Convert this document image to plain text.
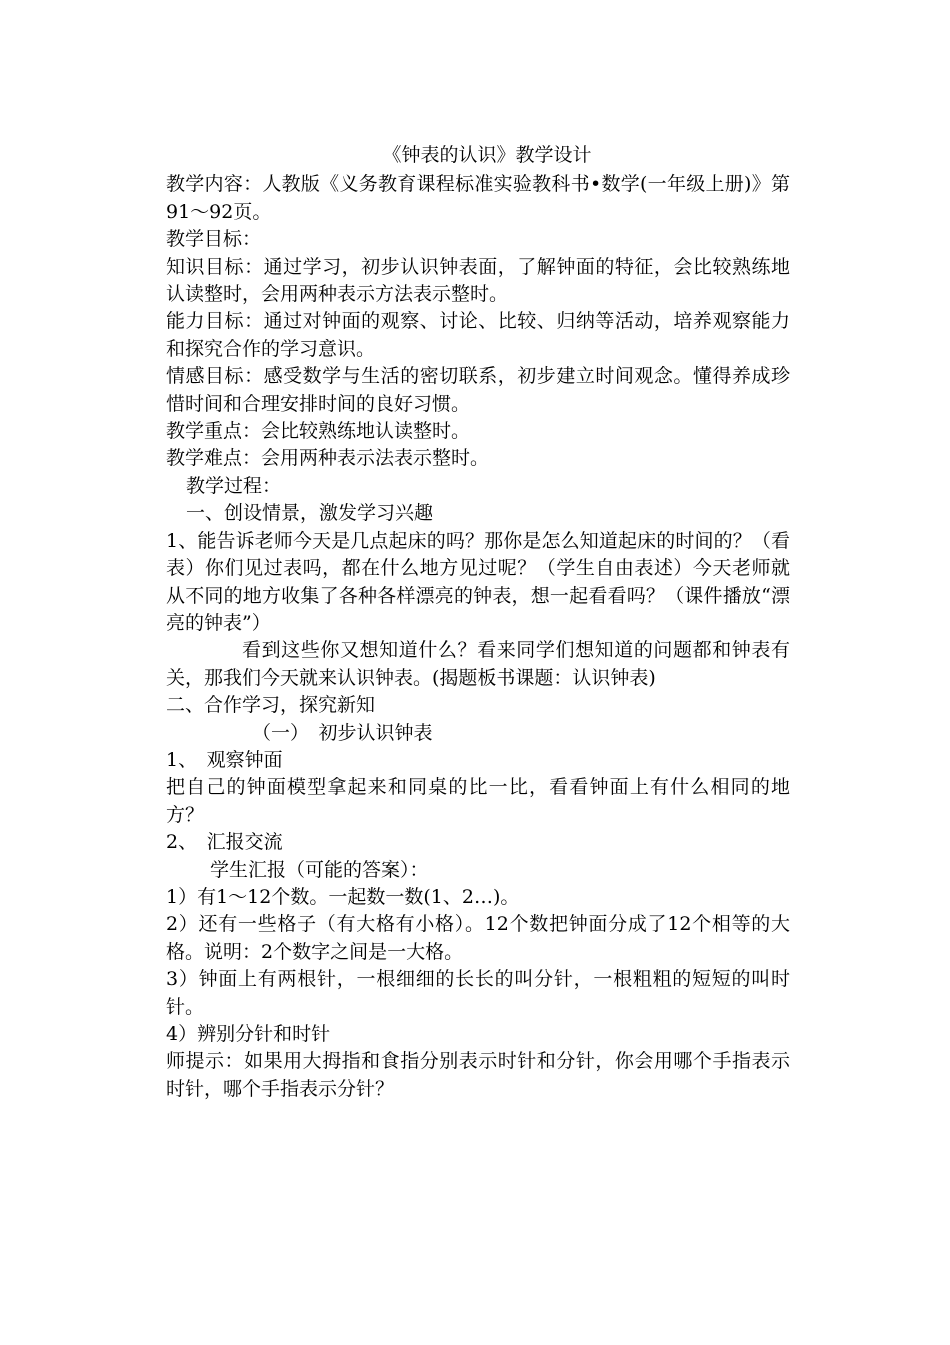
《钟表的认识》教学设计

教学内容：人教版《义务教育课程标准实验教科书•数学(一年级上册)》第91～92页。

教学目标：

知识目标：通过学习，初步认识钟表面，了解钟面的特征，会比较熟练地认读整时，会用两种表示方法表示整时。

能力目标：通过对钟面的观察、讨论、比较、归纳等活动，培养观察能力和探究合作的学习意识。

情感目标：感受数学与生活的密切联系，初步建立时间观念。懂得养成珍惜时间和合理安排时间的良好习惯。

教学重点：会比较熟练地认读整时。

教学难点：会用两种表示法表示整时。

教学过程：

一、创设情景，激发学习兴趣

1、能告诉老师今天是几点起床的吗？那你是怎么知道起床的时间的？（看表）你们见过表吗，都在什么地方见过呢？（学生自由表述）今天老师就从不同的地方收集了各种各样漂亮的钟表，想一起看看吗？（课件播放“漂亮的钟表”）

看到这些你又想知道什么？看来同学们想知道的问题都和钟表有关，那我们今天就来认识钟表。(揭题板书课题：认识钟表)

二、合作学习，探究新知

（一）　初步认识钟表

1、　观察钟面

把自己的钟面模型拿起来和同桌的比一比，看看钟面上有什么相同的地方？

2、　汇报交流

学生汇报（可能的答案）：

1）有1～12个数。一起数一数(1、2…)。

2）还有一些格子（有大格有小格）。12个数把钟面分成了12个相等的大格。说明：2个数字之间是一大格。

3）钟面上有两根针，一根细细的长长的叫分针，一根粗粗的短短的叫时针。

4）辨别分针和时针

师提示：如果用大拇指和食指分别表示时针和分针，你会用哪个手指表示时针，哪个手指表示分针？
